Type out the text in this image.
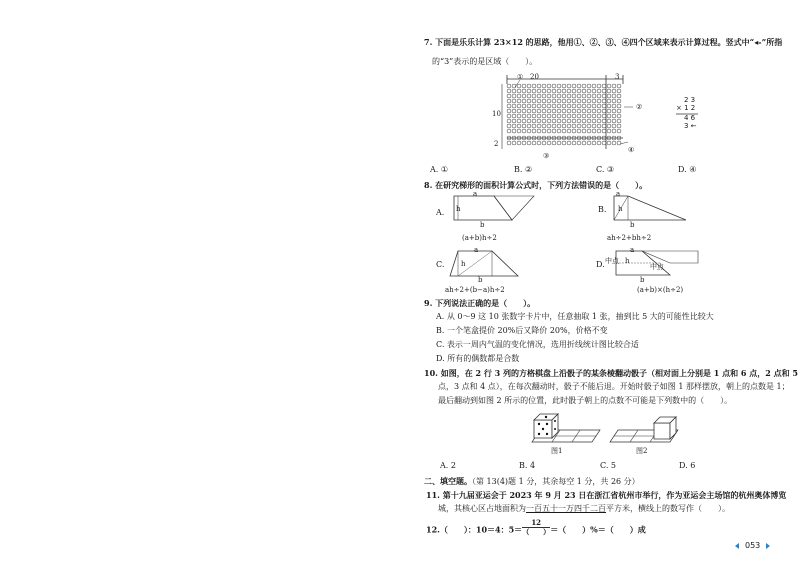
7. 下面是乐乐计算 23×12 的思路，他用①、②、③、④四个区域来表示计算过程。竖式中“◂-”所指
的“3”表示的是区域（　　）。
20	3
10
2
①
②
③
④
2 3
× 1 2
4 6
3 ←
A. ①	B. ②	C. ③	D. ④
8. 在研究梯形的面积计算公式时，下列方法错误的是（　　）。
A.
a
h
b
(a+b)h÷2
B.
a
h
b
ah÷2+bh÷2
C.
a
h
b
ah÷2+(b−a)h÷2
D.
a
中点
中点
h
b
(a+b)×(h÷2)
9. 下列说法正确的是（　　）。
A. 从 0～9 这 10 张数字卡片中，任意抽取 1 张，抽到比 5 大的可能性比较大
B. 一个笔盒提价 20%后又降价 20%，价格不变
C. 表示一周内气温的变化情况，选用折线统计图比较合适
D. 所有的偶数都是合数
10. 如图，在 2 行 3 列的方格棋盘上沿骰子的某条棱翻动骰子（相对面上分别是 1 点和 6 点，2 点和 5
点，3 点和 4 点），在每次翻动时，骰子不能后退。开始时骰子如图 1 那样摆放，朝上的点数是 1；
最后翻动到如图 2 所示的位置，此时骰子朝上的点数不可能是下列数中的（　　）。
图1	图2
A. 2	B. 4	C. 5	D. 6
二、填空题。（第 13(4)题 1 分，其余每空 1 分，共 26 分）
11. 第十九届亚运会于 2023 年 9 月 23 日在浙江省杭州市举行，作为亚运会主场馆的杭州奥体博览
城，其核心区占地面积为一百五十一万四千二百平方米，横线上的数写作（　　）。
12.（　　）：10＝4：5＝
12
（　　） ＝（　　）%＝（　　）成
053
